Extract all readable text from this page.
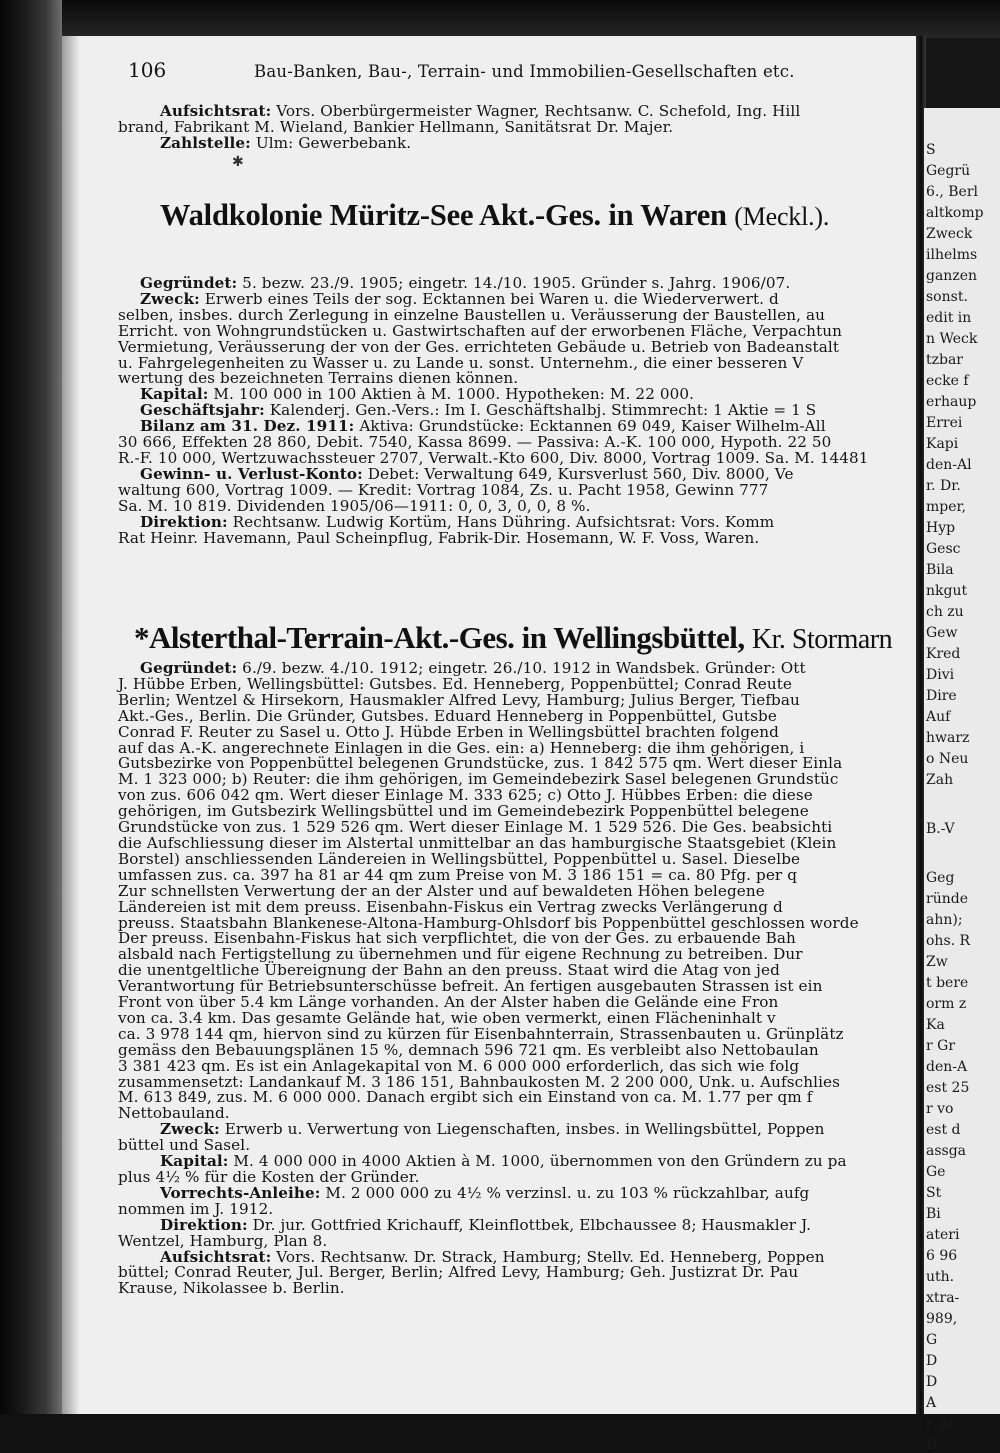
106	Bau-Banken, Bau-, Terrain- und Immobilien-Gesellschaften etc.
Aufsichtsrat: Vors. Oberbürgermeister Wagner, Rechtsanw. C. Schefold, Ing. Hill
brand, Fabrikant M. Wieland, Bankier Hellmann, Sanitätsrat Dr. Majer.
Zahlstelle: Ulm: Gewerbebank.
✱
Waldkolonie Müritz-See Akt.-Ges. in Waren (Meckl.).
Gegründet: 5. bezw. 23./9. 1905; eingetr. 14./10. 1905. Gründer s. Jahrg. 1906/07.
Zweck: Erwerb eines Teils der sog. Ecktannen bei Waren u. die Wiederverwert. d
selben, insbes. durch Zerlegung in einzelne Baustellen u. Veräusserung der Baustellen, au
Erricht. von Wohngrundstücken u. Gastwirtschaften auf der erworbenen Fläche, Verpachtun
Vermietung, Veräusserung der von der Ges. errichteten Gebäude u. Betrieb von Badeanstalt
u. Fahrgelegenheiten zu Wasser u. zu Lande u. sonst. Unternehm., die einer besseren V
wertung des bezeichneten Terrains dienen können.
Kapital: M. 100 000 in 100 Aktien à M. 1000. Hypotheken: M. 22 000.
Geschäftsjahr: Kalenderj. Gen.-Vers.: Im I. Geschäftshalbj. Stimmrecht: 1 Aktie = 1 S
Bilanz am 31. Dez. 1911: Aktiva: Grundstücke: Ecktannen 69 049, Kaiser Wilhelm-All
30 666, Effekten 28 860, Debit. 7540, Kassa 8699. — Passiva: A.-K. 100 000, Hypoth. 22 50
R.-F. 10 000, Wertzuwachssteuer 2707, Verwalt.-Kto 600, Div. 8000, Vortrag 1009. Sa. M. 14481
Gewinn- u. Verlust-Konto: Debet: Verwaltung 649, Kursverlust 560, Div. 8000, Ve
waltung 600, Vortrag 1009. — Kredit: Vortrag 1084, Zs. u. Pacht 1958, Gewinn 777
Sa. M. 10 819. Dividenden 1905/06—1911: 0, 0, 3, 0, 0, 8 %.
Direktion: Rechtsanw. Ludwig Kortüm, Hans Dühring. Aufsichtsrat: Vors. Komm
Rat Heinr. Havemann, Paul Scheinpflug, Fabrik-Dir. Hosemann, W. F. Voss, Waren.
*Alsterthal-Terrain-Akt.-Ges. in Wellingsbüttel, Kr. Stormarn
Gegründet: 6./9. bezw. 4./10. 1912; eingetr. 26./10. 1912 in Wandsbek. Gründer: Ott
J. Hübbe Erben, Wellingsbüttel: Gutsbes. Ed. Henneberg, Poppenbüttel; Conrad Reute
Berlin; Wentzel & Hirsekorn, Hausmakler Alfred Levy, Hamburg; Julius Berger, Tiefbau
Akt.-Ges., Berlin. Die Gründer, Gutsbes. Eduard Henneberg in Poppenbüttel, Gutsbe
Conrad F. Reuter zu Sasel u. Otto J. Hübde Erben in Wellingsbüttel brachten folgend
auf das A.-K. angerechnete Einlagen in die Ges. ein: a) Henneberg: die ihm gehörigen, i
Gutsbezirke von Poppenbüttel belegenen Grundstücke, zus. 1 842 575 qm. Wert dieser Einla
M. 1 323 000; b) Reuter: die ihm gehörigen, im Gemeindebezirk Sasel belegenen Grundstüc
von zus. 606 042 qm. Wert dieser Einlage M. 333 625; c) Otto J. Hübbes Erben: die diese
gehörigen, im Gutsbezirk Wellingsbüttel und im Gemeindebezirk Poppenbüttel belegene
Grundstücke von zus. 1 529 526 qm. Wert dieser Einlage M. 1 529 526. Die Ges. beabsichti
die Aufschliessung dieser im Alstertal unmittelbar an das hamburgische Staatsgebiet (Klein
Borstel) anschliessenden Ländereien in Wellingsbüttel, Poppenbüttel u. Sasel. Dieselbe
umfassen zus. ca. 397 ha 81 ar 44 qm zum Preise von M. 3 186 151 = ca. 80 Pfg. per q
Zur schnellsten Verwertung der an der Alster und auf bewaldeten Höhen belegene
Ländereien ist mit dem preuss. Eisenbahn-Fiskus ein Vertrag zwecks Verlängerung d
preuss. Staatsbahn Blankenese-Altona-Hamburg-Ohlsdorf bis Poppenbüttel geschlossen worde
Der preuss. Eisenbahn-Fiskus hat sich verpflichtet, die von der Ges. zu erbauende Bah
alsbald nach Fertigstellung zu übernehmen und für eigene Rechnung zu betreiben. Dur
die unentgeltliche Übereignung der Bahn an den preuss. Staat wird die Atag von jed
Verantwortung für Betriebsunterschüsse befreit. An fertigen ausgebauten Strassen ist ein
Front von über 5.4 km Länge vorhanden. An der Alster haben die Gelände eine Fron
von ca. 3.4 km. Das gesamte Gelände hat, wie oben vermerkt, einen Flächeninhalt v
ca. 3 978 144 qm, hiervon sind zu kürzen für Eisenbahnterrain, Strassenbauten u. Grünplätz
gemäss den Bebauungsplänen 15 %, demnach 596 721 qm. Es verbleibt also Nettobaulan
3 381 423 qm. Es ist ein Anlagekapital von M. 6 000 000 erforderlich, das sich wie folg
zusammensetzt: Landankauf M. 3 186 151, Bahnbaukosten M. 2 200 000, Unk. u. Aufschlies
M. 613 849, zus. M. 6 000 000. Danach ergibt sich ein Einstand von ca. M. 1.77 per qm f
Nettobauland.
Zweck: Erwerb u. Verwertung von Liegenschaften, insbes. in Wellingsbüttel, Poppen
büttel und Sasel.
Kapital: M. 4 000 000 in 4000 Aktien à M. 1000, übernommen von den Gründern zu pa
plus 4½ % für die Kosten der Gründer.
Vorrechts-Anleihe: M. 2 000 000 zu 4½ % verzinsl. u. zu 103 % rückzahlbar, aufg
nommen im J. 1912.
Direktion: Dr. jur. Gottfried Krichauff, Kleinflottbek, Elbchaussee 8; Hausmakler J.
Wentzel, Hamburg, Plan 8.
Aufsichtsrat: Vors. Rechtsanw. Dr. Strack, Hamburg; Stellv. Ed. Henneberg, Poppen
büttel; Conrad Reuter, Jul. Berger, Berlin; Alfred Levy, Hamburg; Geh. Justizrat Dr. Pau
Krause, Nikolassee b. Berlin.
S
Gegrü
6., Berl
altkomp
Zweck
ilhelms
ganzen
sonst.
edit in
n Weck
tzbar
ecke f
erhaup
Errei
Kapi
den-Al
r. Dr.
mper,
Hyp
Gesc
Bila
nkgut
ch zu
Gew
Kred
Divi
Dire
Auf
hwarz
o Neu
Zah
B.-V
Geg
ründe
ahn);
ohs. R
Zw
t bere
orm z
Ka
r Gr
den-A
est 25
r vo
est d
assga
Ge
St
Bi
ateri
6 96
uth.
xtra-
989,
G
D
D
A
r. ju
D
